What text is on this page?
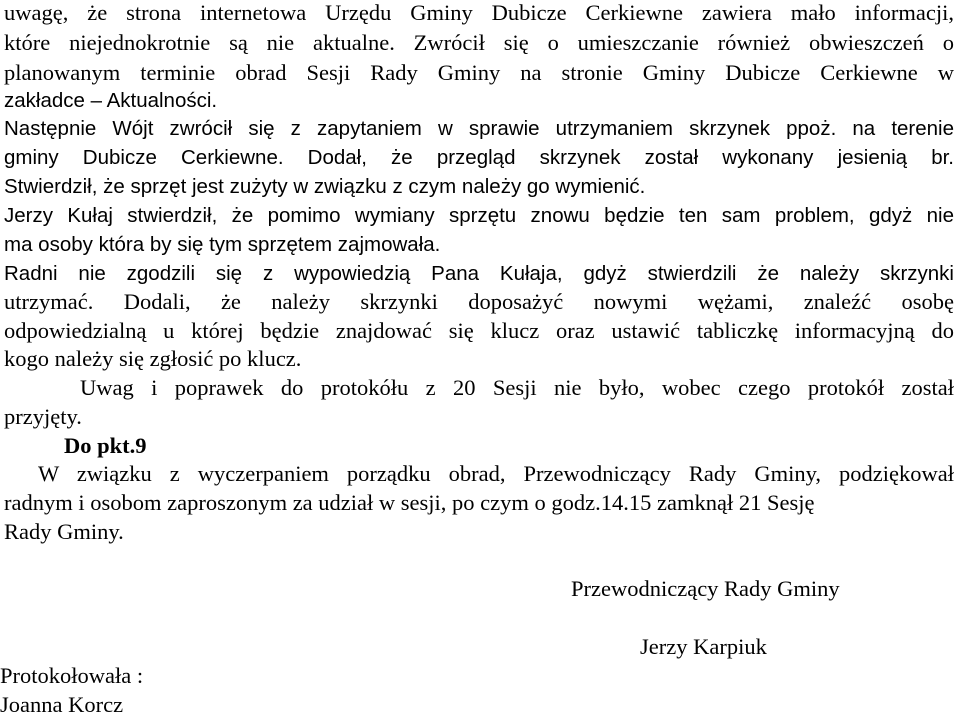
uwagę, że strona internetowa Urzędu Gminy Dubicze Cerkiewne zawiera mało informacji,
które niejednokrotnie są nie aktualne. Zwrócił się o umieszczanie również obwieszczeń o
planowanym terminie obrad Sesji Rady Gminy na stronie Gminy Dubicze Cerkiewne w
zakładce – Aktualności.
Następnie Wójt zwrócił się z zapytaniem w sprawie utrzymaniem skrzynek ppoż. na terenie
gminy Dubicze Cerkiewne. Dodał, że przegląd skrzynek został wykonany jesienią br.
Stwierdził, że sprzęt jest zużyty w związku z czym należy go wymienić.
Jerzy Kułaj stwierdził, że pomimo wymiany sprzętu znowu będzie ten sam problem, gdyż nie
ma osoby która by się tym sprzętem zajmowała.
Radni nie zgodzili się z wypowiedzią Pana Kułaja, gdyż stwierdzili że należy skrzynki
utrzymać. Dodali, że należy skrzynki doposażyć nowymi wężami, znaleźć osobę
odpowiedzialną u której będzie znajdować się klucz oraz ustawić tabliczkę informacyjną do
kogo należy się zgłosić po klucz.
Uwag i poprawek do protokółu z 20 Sesji nie było, wobec czego protokół został
przyjęty.
Do pkt.9
W związku z wyczerpaniem porządku obrad, Przewodniczący Rady Gminy, podziękował
radnym i osobom zaproszonym za udział w sesji, po czym o godz.14.15 zamknął 21 Sesję
Rady Gminy.
Przewodniczący Rady Gminy
Jerzy Karpiuk
Protokołowała :
Joanna Korcz
